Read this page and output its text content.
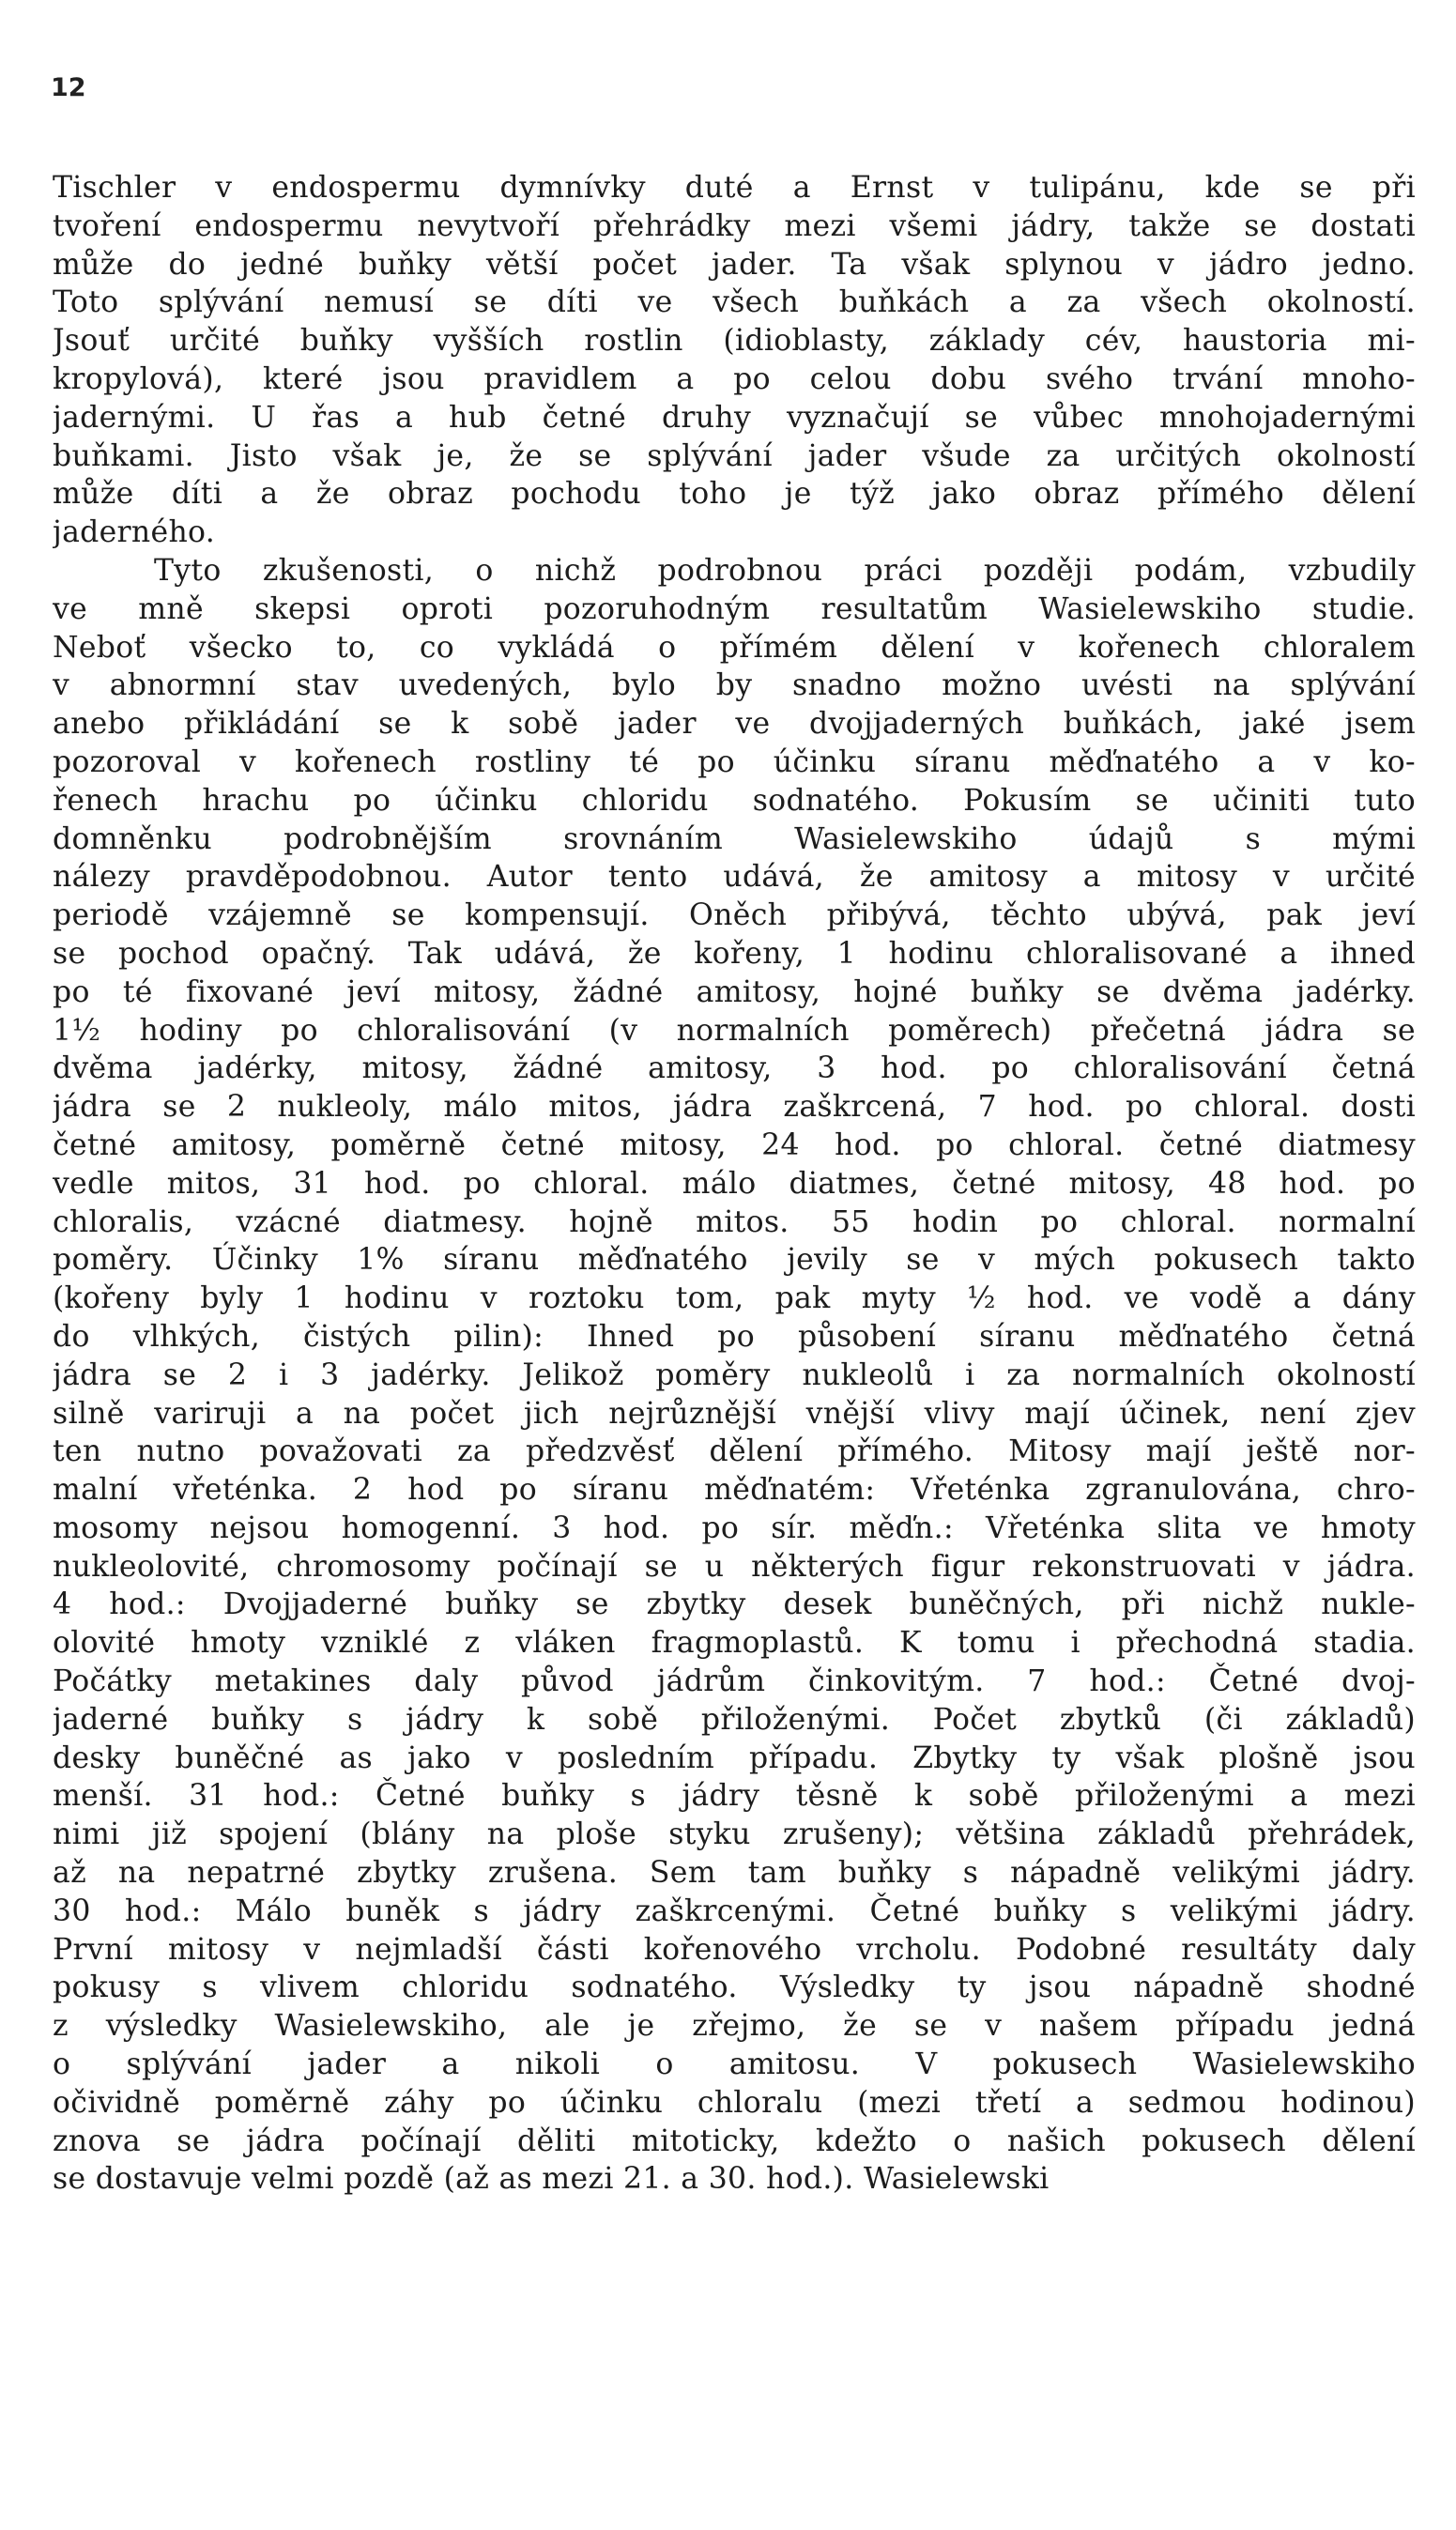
12
Tischler v endospermu dymnívky duté a Ernst v tulipánu, kde se při
tvoření endospermu nevytvoří přehrádky mezi všemi jádry, takže se dostati
může do jedné buňky větší počet jader. Ta však splynou v jádro jedno.
Toto splývání nemusí se díti ve všech buňkách a za všech okolností.
Jsouť určité buňky vyšších rostlin (idioblasty, základy cév, haustoria mi-
kropylová), které jsou pravidlem a po celou dobu svého trvání mnoho-
jadernými. U řas a hub četné druhy vyznačují se vůbec mnohojadernými
buňkami. Jisto však je, že se splývání jader všude za určitých okolností
může díti a že obraz pochodu toho je týž jako obraz přímého dělení
jaderného.
Tyto zkušenosti, o nichž podrobnou práci později podám, vzbudily
ve mně skepsi oproti pozoruhodným resultatům Wasielewskiho studie.
Neboť všecko to, co vykládá o přímém dělení v kořenech chloralem
v abnormní stav uvedených, bylo by snadno možno uvésti na splývání
anebo přikládání se k sobě jader ve dvojjaderných buňkách, jaké jsem
pozoroval v kořenech rostliny té po účinku síranu měďnatého a v ko-
řenech hrachu po účinku chloridu sodnatého. Pokusím se učiniti tuto
domněnku podrobnějším srovnáním Wasielewskiho údajů s mými
nálezy pravděpodobnou. Autor tento udává, že amitosy a mitosy v určité
periodě vzájemně se kompensují. Oněch přibývá, těchto ubývá, pak jeví
se pochod opačný. Tak udává, že kořeny, 1 hodinu chloralisované a ihned
po té fixované jeví mitosy, žádné amitosy, hojné buňky se dvěma jadérky.
1½ hodiny po chloralisování (v normalních poměrech) přečetná jádra se
dvěma jadérky, mitosy, žádné amitosy, 3 hod. po chloralisování četná
jádra se 2 nukleoly, málo mitos, jádra zaškrcená, 7 hod. po chloral. dosti
četné amitosy, poměrně četné mitosy, 24 hod. po chloral. četné diatmesy
vedle mitos, 31 hod. po chloral. málo diatmes, četné mitosy, 48 hod. po
chloralis, vzácné diatmesy. hojně mitos. 55 hodin po chloral. normalní
poměry. Účinky 1% síranu měďnatého jevily se v mých pokusech takto
(kořeny byly 1 hodinu v roztoku tom, pak myty ½ hod. ve vodě a dány
do vlhkých, čistých pilin): Ihned po působení síranu měďnatého četná
jádra se 2 i 3 jadérky. Jelikož poměry nukleolů i za normalních okolností
silně variruji a na počet jich nejrůznější vnější vlivy mají účinek, není zjev
ten nutno považovati za předzvěsť dělení přímého. Mitosy mají ještě nor-
malní vřeténka. 2 hod po síranu měďnatém: Vřeténka zgranulována, chro-
mosomy nejsou homogenní. 3 hod. po sír. měďn.: Vřeténka slita ve hmoty
nukleolovité, chromosomy počínají se u některých figur rekonstruovati v jádra.
4 hod.: Dvojjaderné buňky se zbytky desek buněčných, při nichž nukle-
olovité hmoty vzniklé z vláken fragmoplastů. K tomu i přechodná stadia.
Počátky metakines daly původ jádrům činkovitým. 7 hod.: Četné dvoj-
jaderné buňky s jádry k sobě přiloženými. Počet zbytků (či základů)
desky buněčné as jako v posledním případu. Zbytky ty však plošně jsou
menší. 31 hod.: Četné buňky s jádry těsně k sobě přiloženými a mezi
nimi již spojení (blány na ploše styku zrušeny); většina základů přehrádek,
až na nepatrné zbytky zrušena. Sem tam buňky s nápadně velikými jádry.
30 hod.: Málo buněk s jádry zaškrcenými. Četné buňky s velikými jádry.
První mitosy v nejmladší části kořenového vrcholu. Podobné resultáty daly
pokusy s vlivem chloridu sodnatého. Výsledky ty jsou nápadně shodné
z výsledky Wasielewskiho, ale je zřejmo, že se v našem případu jedná
o splývání jader a nikoli o amitosu. V pokusech Wasielewskiho
očividně poměrně záhy po účinku chloralu (mezi třetí a sedmou hodinou)
znova se jádra počínají děliti mitoticky, kdežto o našich pokusech dělení
se dostavuje velmi pozdě (až as mezi 21. a 30. hod.). Wasielewski
